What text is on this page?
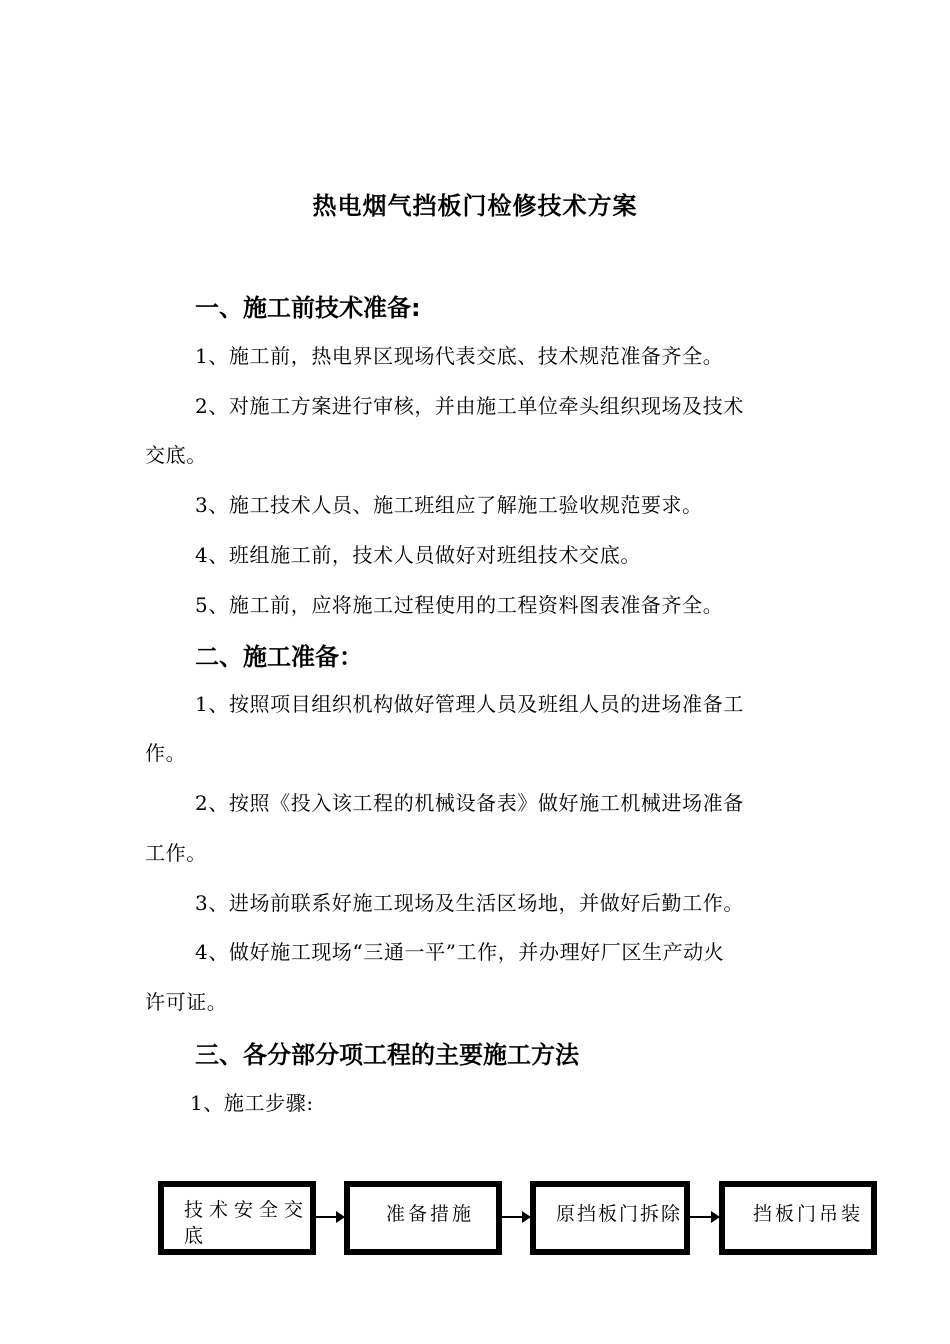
热电烟气挡板门检修技术方案
一、施工前技术准备:
1、施工前，热电界区现场代表交底、技术规范准备齐全。
2、对施工方案进行审核，并由施工单位牵头组织现场及技术
交底。
3、施工技术人员、施工班组应了解施工验收规范要求。
4、班组施工前，技术人员做好对班组技术交底。
5、施工前，应将施工过程使用的工程资料图表准备齐全。
二、施工准备：
1、按照项目组织机构做好管理人员及班组人员的进场准备工
作。
2、按照《投入该工程的机械设备表》做好施工机械进场准备
工作。
3、进场前联系好施工现场及生活区场地，并做好后勤工作。
4、做好施工现场“三通一平”工作，并办理好厂区生产动火
许可证。
三、各分部分项工程的主要施工方法
1、施工步骤:
技术安全交
底
准备措施	原挡板门拆除	挡板门吊装
